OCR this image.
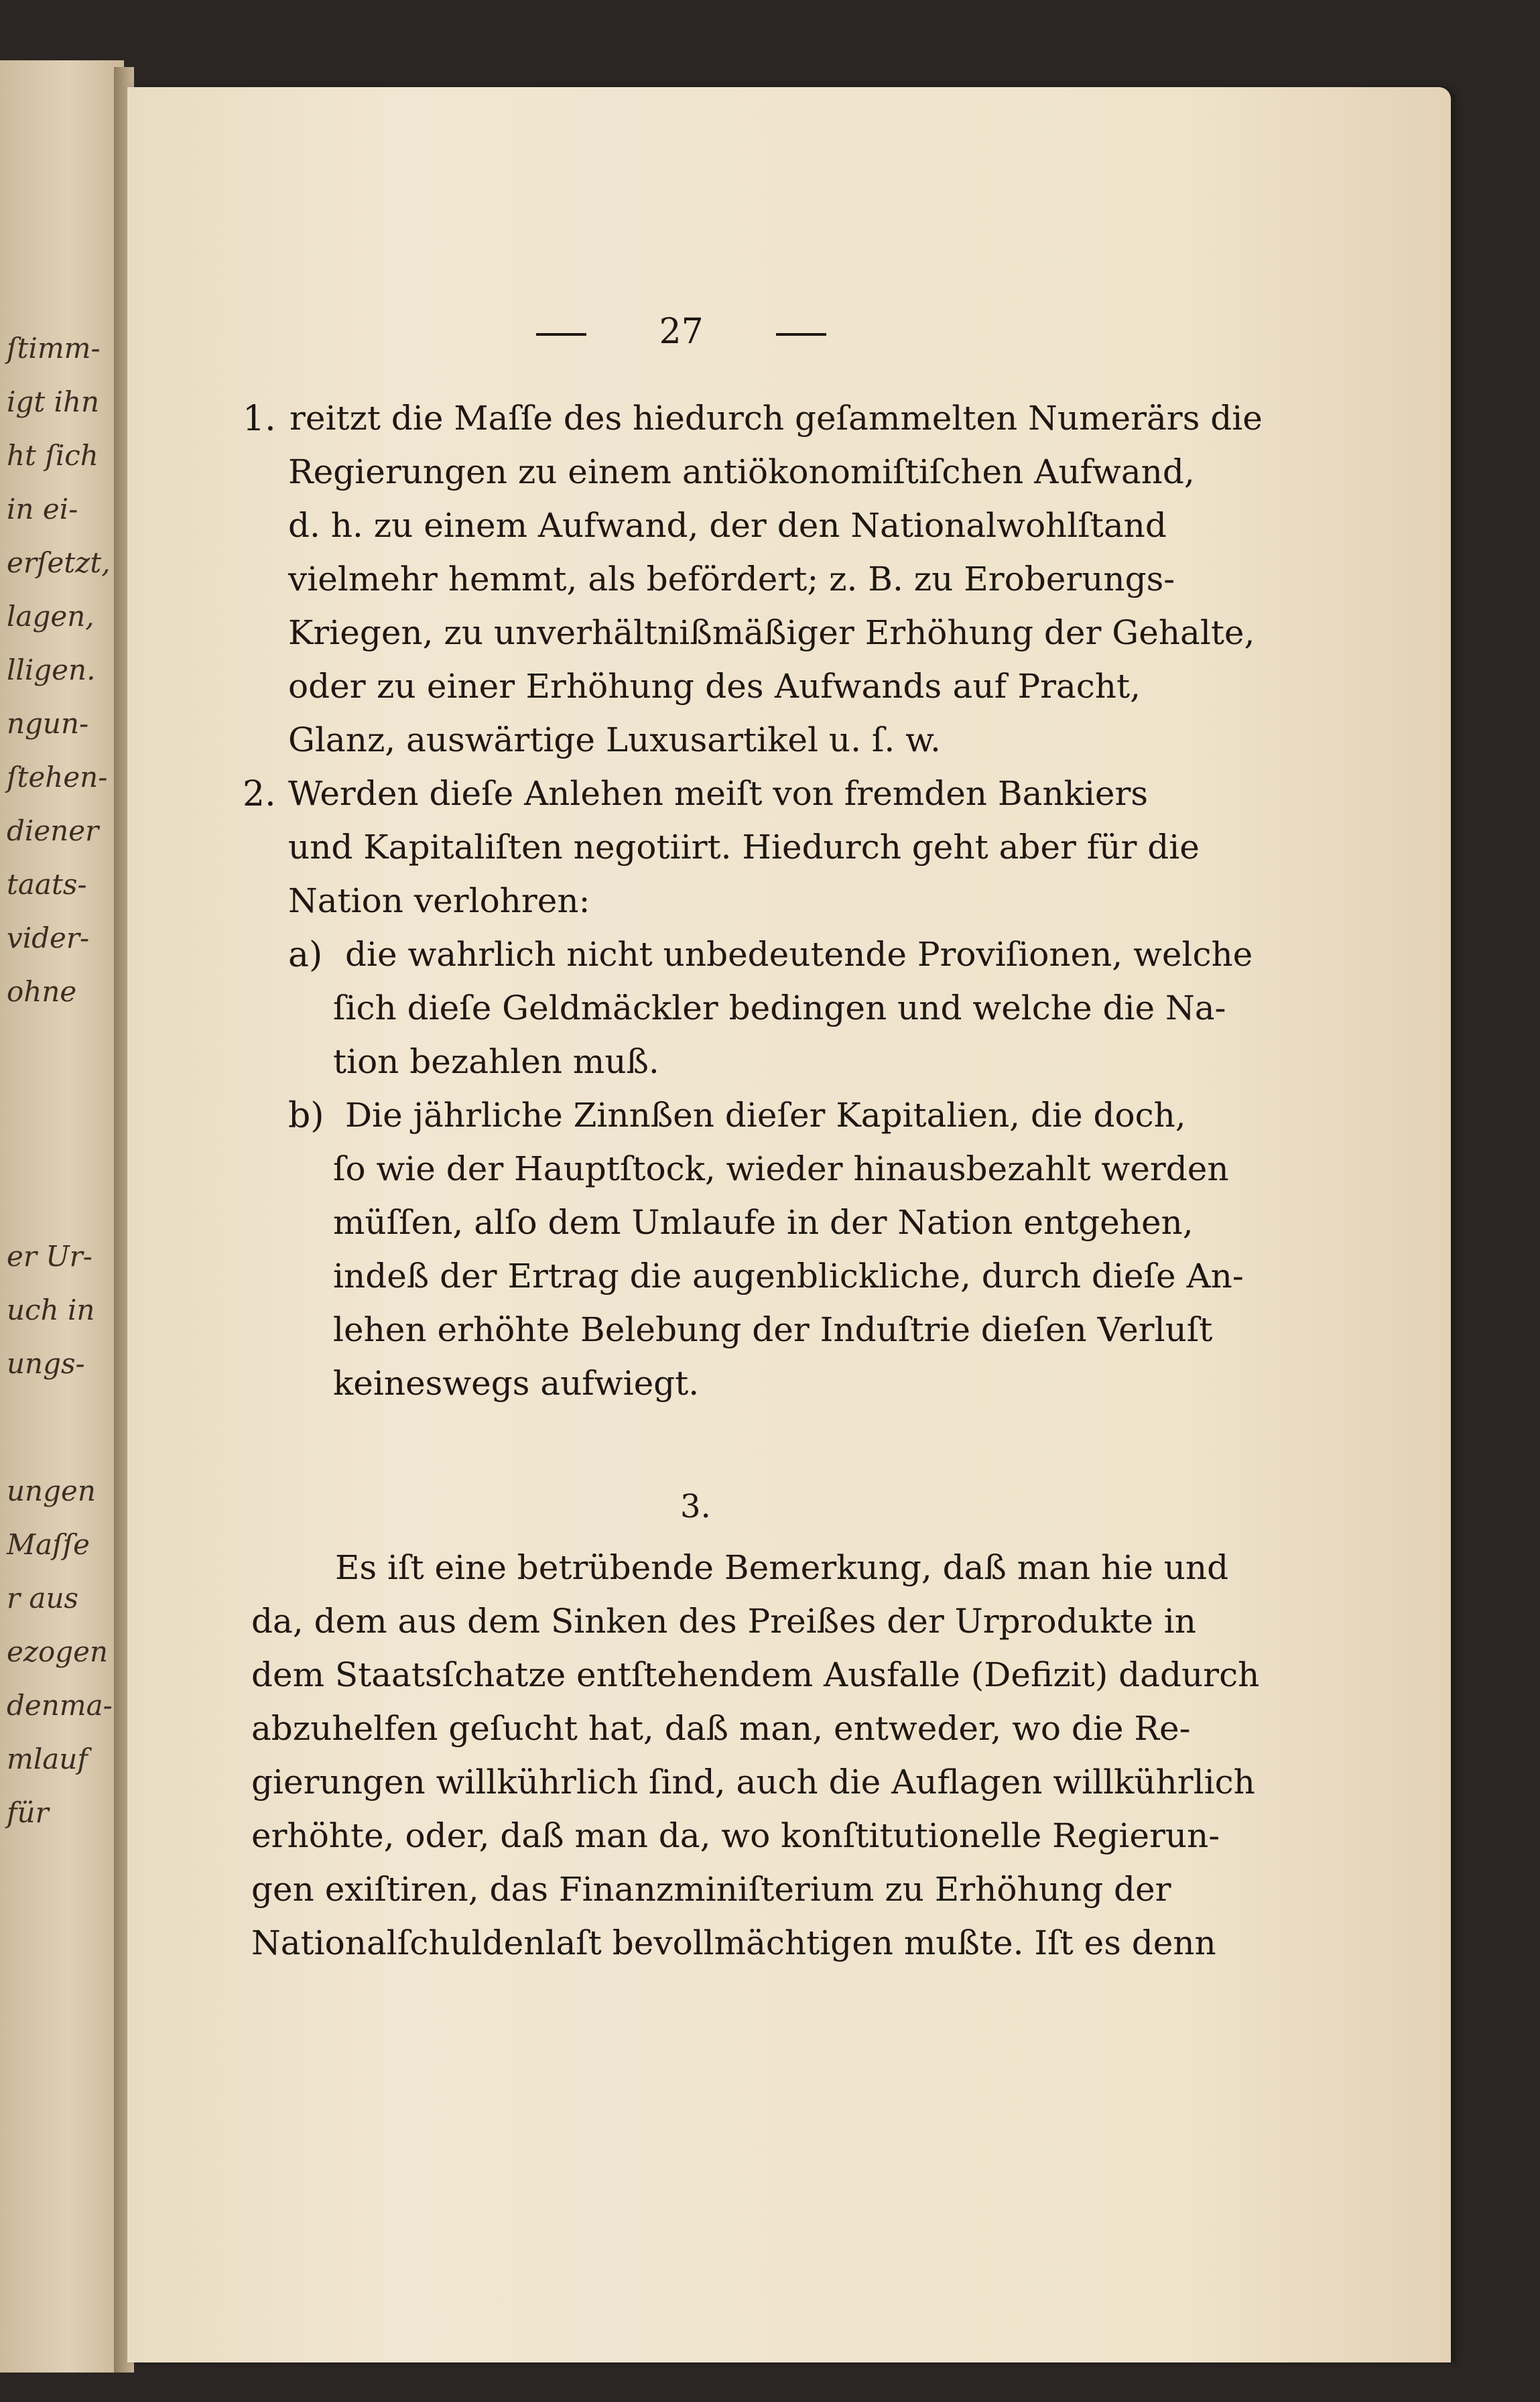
ſtimm-
igt ihn
ht ſich
in ei-
erſetzt,
lagen,
lligen.
ngun-
ſtehen-
diener
taats-
vider-
ohne
er Ur-
uch in
ungs-
ungen
Maſſe
r aus
ezogen
denma-
mlauf
für
27
1. reitzt die Maſſe des hiedurch geſammelten Numerärs die
Regierungen zu einem antiökonomiſtiſchen Aufwand,
d. h. zu einem Aufwand, der den Nationalwohlſtand
vielmehr hemmt, als befördert; z. B. zu Eroberungs-
Kriegen, zu unverhältnißmäßiger Erhöhung der Gehalte,
oder zu einer Erhöhung des Aufwands auf Pracht,
Glanz, auswärtige Luxusartikel u. ſ. w.
2. Werden dieſe Anlehen meiſt von fremden Bankiers
und Kapitaliſten negotiirt. Hiedurch geht aber für die
Nation verlohren:
a) die wahrlich nicht unbedeutende Proviſionen, welche
ſich dieſe Geldmäckler bedingen und welche die Na-
tion bezahlen muß.
b) Die jährliche Zinnßen dieſer Kapitalien, die doch,
ſo wie der Hauptſtock, wieder hinausbezahlt werden
müſſen, alſo dem Umlaufe in der Nation entgehen,
indeß der Ertrag die augenblickliche, durch dieſe An-
lehen erhöhte Belebung der Induſtrie dieſen Verluſt
keineswegs aufwiegt.
Es iſt eine betrübende Bemerkung, daß man hie und
da, dem aus dem Sinken des Preißes der Urprodukte in
dem Staatsſchatze entſtehendem Ausfalle (Defizit) dadurch
abzuhelfen geſucht hat, daß man, entweder, wo die Re-
gierungen willkührlich ſind, auch die Auflagen willkührlich
erhöhte, oder, daß man da, wo konſtitutionelle Regierun-
gen exiſtiren, das Finanzminiſterium zu Erhöhung der
Nationalſchuldenlaſt bevollmächtigen mußte. Iſt es denn
3.
